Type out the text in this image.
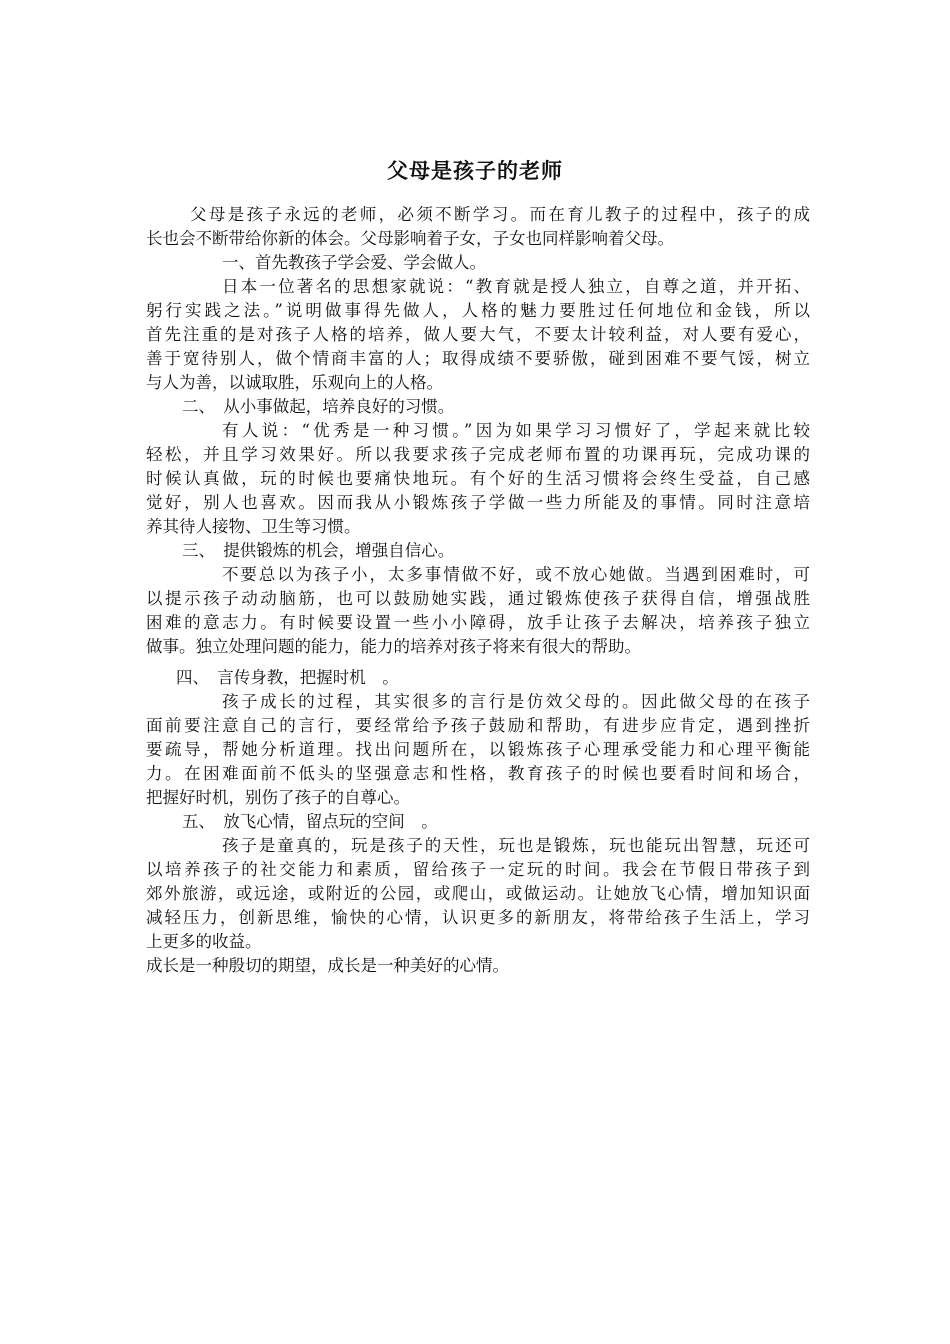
父母是孩子的老师
父母是孩子永远的老师，必须不断学习。而在育儿教子的过程中，孩子的成
长也会不断带给你新的体会。父母影响着子女，子女也同样影响着父母。
一、首先教孩子学会爱、学会做人。
日本一位著名的思想家就说：“教育就是授人独立，自尊之道，并开拓、
躬行实践之法。”说明做事得先做人，人格的魅力要胜过任何地位和金钱，所以
首先注重的是对孩子人格的培养，做人要大气，不要太计较利益，对人要有爱心，
善于宽待别人，做个情商丰富的人；取得成绩不要骄傲，碰到困难不要气馁，树立
与人为善，以诚取胜，乐观向上的人格。
二、　从小事做起，培养良好的习惯。
有人说：“优秀是一种习惯。”因为如果学习习惯好了，学起来就比较
轻松，并且学习效果好。所以我要求孩子完成老师布置的功课再玩，完成功课的
时候认真做，玩的时候也要痛快地玩。有个好的生活习惯将会终生受益，自己感
觉好，别人也喜欢。因而我从小锻炼孩子学做一些力所能及的事情。同时注意培
养其待人接物、卫生等习惯。
三、　提供锻炼的机会，增强自信心。
不要总以为孩子小，太多事情做不好，或不放心她做。当遇到困难时，可
以提示孩子动动脑筋，也可以鼓励她实践，通过锻炼使孩子获得自信，增强战胜
困难的意志力。有时候要设置一些小小障碍，放手让孩子去解决，培养孩子独立
做事。独立处理问题的能力，能力的培养对孩子将来有很大的帮助。
四、　言传身教，把握时机　。
孩子成长的过程，其实很多的言行是仿效父母的。因此做父母的在孩子
面前要注意自己的言行，要经常给予孩子鼓励和帮助，有进步应肯定，遇到挫折
要疏导，帮她分析道理。找出问题所在，以锻炼孩子心理承受能力和心理平衡能
力。在困难面前不低头的坚强意志和性格，教育孩子的时候也要看时间和场合，
把握好时机，别伤了孩子的自尊心。
五、　放飞心情，留点玩的空间　。
孩子是童真的，玩是孩子的天性，玩也是锻炼，玩也能玩出智慧，玩还可
以培养孩子的社交能力和素质，留给孩子一定玩的时间。我会在节假日带孩子到
郊外旅游，或远途，或附近的公园，或爬山，或做运动。让她放飞心情，增加知识面
减轻压力，创新思维，愉快的心情，认识更多的新朋友，将带给孩子生活上，学习
上更多的收益。
成长是一种殷切的期望，成长是一种美好的心情。
